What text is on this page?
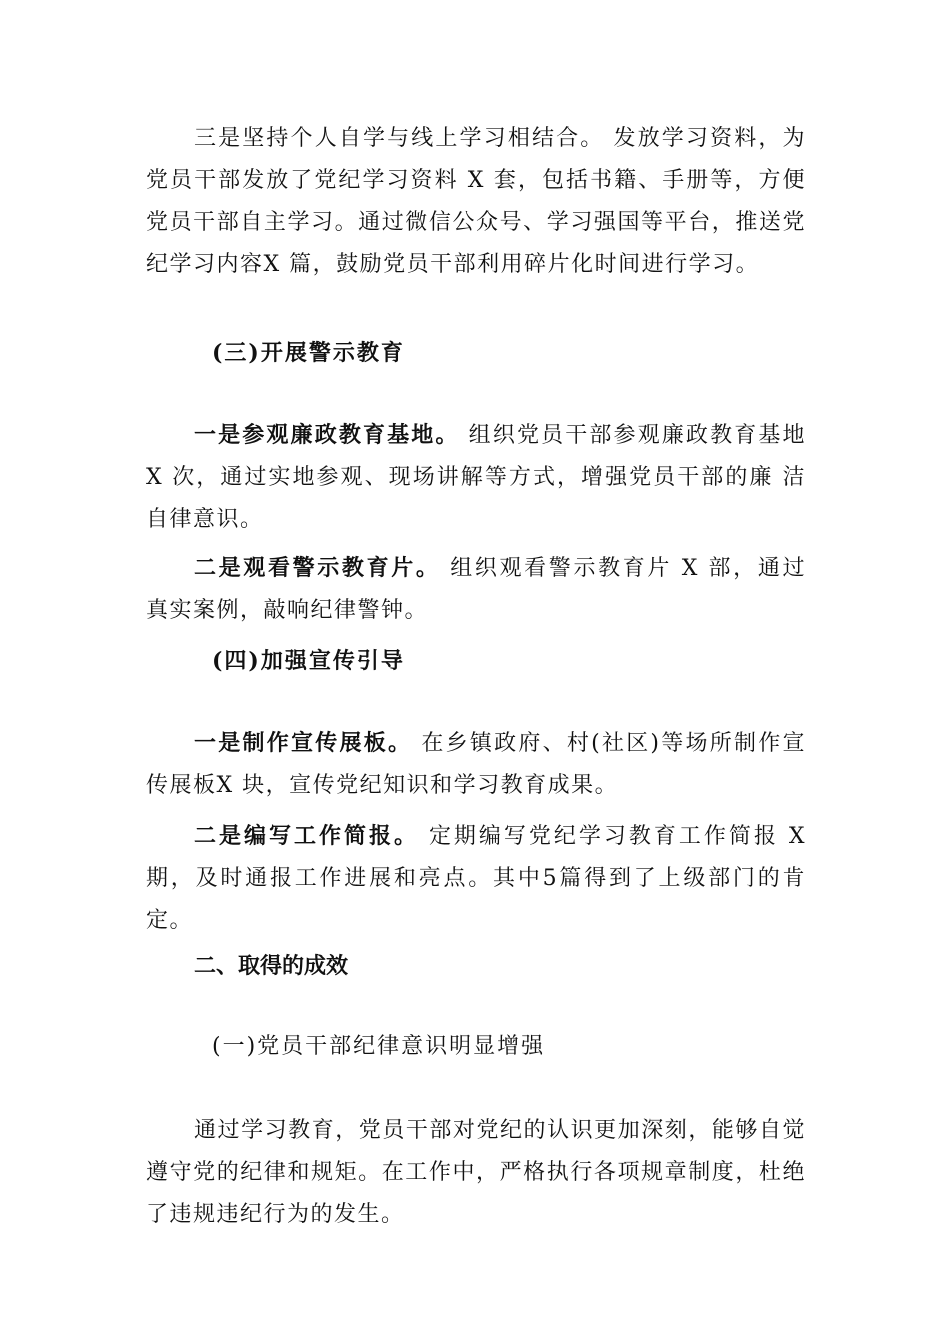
三是坚持个人自学与线上学习相结合。 发放学习资料，为党员干部发放了党纪学习资料 X 套，包括书籍、手册等，方便党员干部自主学习。通过微信公众号、学习强国等平台，推送党纪学习内容X 篇，鼓励党员干部利用碎片化时间进行学习。

(三)开展警示教育

一是参观廉政教育基地。 组织党员干部参观廉政教育基地 X 次，通过实地参观、现场讲解等方式，增强党员干部的廉 洁自律意识。

二是观看警示教育片。 组织观看警示教育片 X 部，通过 真实案例，敲响纪律警钟。

(四)加强宣传引导

一是制作宣传展板。 在乡镇政府、村(社区)等场所制作宣传展板X 块，宣传党纪知识和学习教育成果。

二是编写工作简报。 定期编写党纪学习教育工作简报 X 期，及时通报工作进展和亮点。其中5篇得到了上级部门的肯 定。

二、取得的成效

(一)党员干部纪律意识明显增强

通过学习教育，党员干部对党纪的认识更加深刻，能够自觉遵守党的纪律和规矩。在工作中，严格执行各项规章制度，杜绝了违规违纪行为的发生。
